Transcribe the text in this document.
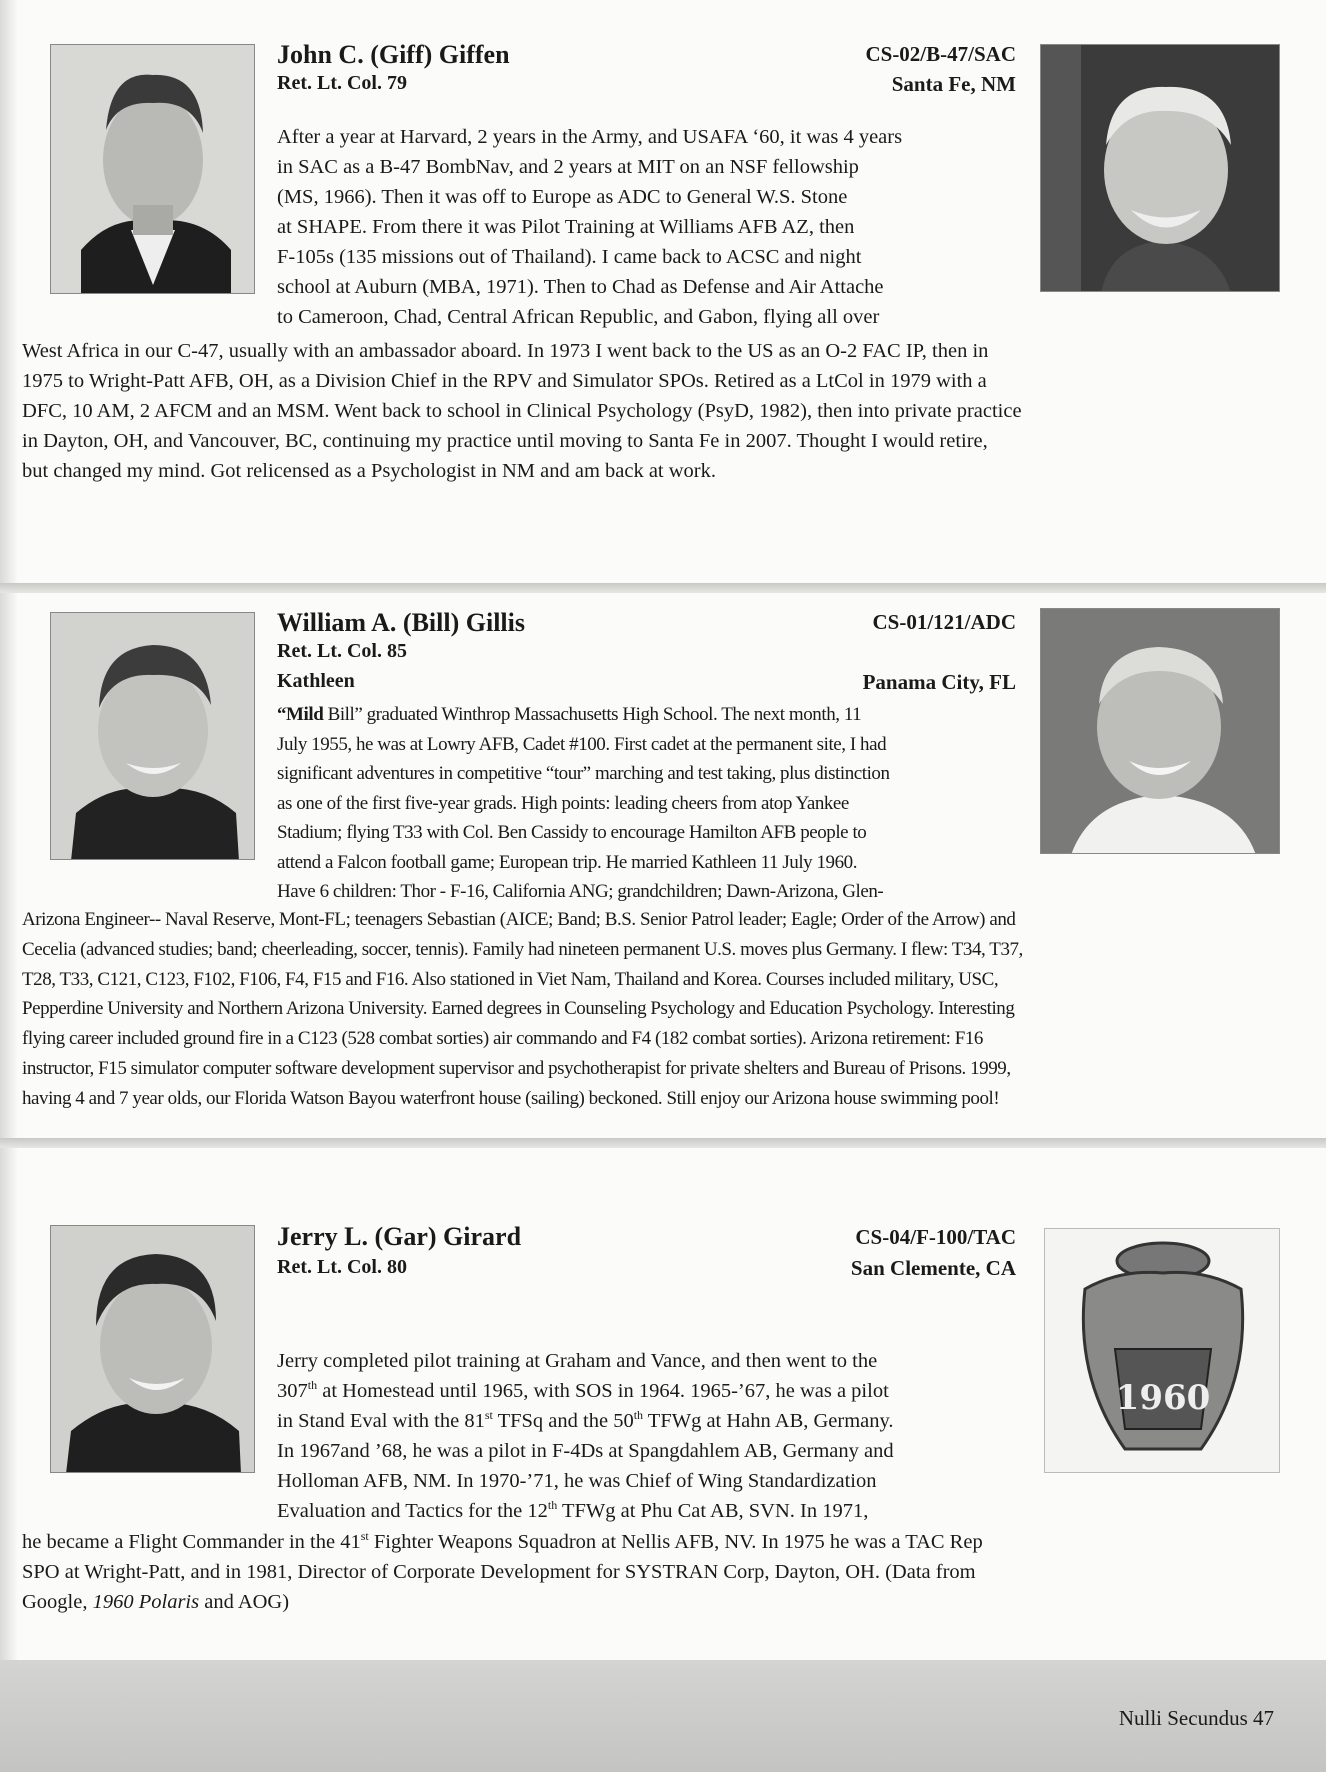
John C. (Giff) Giffen
Ret. Lt. Col. 79
CS-02/B-47/SAC
Santa Fe, NM
After a year at Harvard, 2 years in the Army, and USAFA ‘60, it was 4 years
in SAC as a B-47 BombNav, and 2 years at MIT on an NSF fellowship
(MS, 1966). Then it was off to Europe as ADC to General W.S. Stone
at SHAPE. From there it was Pilot Training at Williams AFB AZ, then
F-105s (135 missions out of Thailand). I came back to ACSC and night
school at Auburn (MBA, 1971). Then to Chad as Defense and Air Attache
to Cameroon, Chad, Central African Republic, and Gabon, flying all over
West Africa in our C-47, usually with an ambassador aboard. In 1973 I went back to the US as an O-2 FAC IP, then in
1975 to Wright-Patt AFB, OH, as a Division Chief in the RPV and Simulator SPOs. Retired as a LtCol in 1979 with a
DFC, 10 AM, 2 AFCM and an MSM. Went back to school in Clinical Psychology (PsyD, 1982), then into private practice
in Dayton, OH, and Vancouver, BC, continuing my practice until moving to Santa Fe in 2007. Thought I would retire,
but changed my mind. Got relicensed as a Psychologist in NM and am back at work.
William A. (Bill) Gillis
Ret. Lt. Col. 85
Kathleen
CS-01/121/ADC
Panama City, FL
“Mild Bill” graduated Winthrop Massachusetts High School. The next month, 11
July 1955, he was at Lowry AFB, Cadet #100. First cadet at the permanent site, I had
significant adventures in competitive “tour” marching and test taking, plus distinction
as one of the first five-year grads. High points: leading cheers from atop Yankee
Stadium; flying T33 with Col. Ben Cassidy to encourage Hamilton AFB people to
attend a Falcon football game; European trip. He married Kathleen 11 July 1960.
Have 6 children: Thor - F-16, California ANG; grandchildren; Dawn-Arizona, Glen-
Arizona Engineer-- Naval Reserve, Mont-FL; teenagers Sebastian (AICE; Band; B.S. Senior Patrol leader; Eagle; Order of the Arrow) and
Cecelia (advanced studies; band; cheerleading, soccer, tennis). Family had nineteen permanent U.S. moves plus Germany. I flew: T34, T37,
T28, T33, C121, C123, F102, F106, F4, F15 and F16. Also stationed in Viet Nam, Thailand and Korea. Courses included military, USC,
Pepperdine University and Northern Arizona University. Earned degrees in Counseling Psychology and Education Psychology. Interesting
flying career included ground fire in a C123 (528 combat sorties) air commando and F4 (182 combat sorties). Arizona retirement: F16
instructor, F15 simulator computer software development supervisor and psychotherapist for private shelters and Bureau of Prisons. 1999,
having 4 and 7 year olds, our Florida Watson Bayou waterfront house (sailing) beckoned. Still enjoy our Arizona house swimming pool!
Jerry L. (Gar) Girard
Ret. Lt. Col. 80
CS-04/F-100/TAC
San Clemente, CA
1960
Jerry completed pilot training at Graham and Vance, and then went to the
307th at Homestead until 1965, with SOS in 1964. 1965-’67, he was a pilot
in Stand Eval with the 81st TFSq and the 50th TFWg at Hahn AB, Germany.
In 1967and ’68, he was a pilot in F-4Ds at Spangdahlem AB, Germany and
Holloman AFB, NM. In 1970-’71, he was Chief of Wing Standardization
Evaluation and Tactics for the 12th TFWg at Phu Cat AB, SVN. In 1971,
he became a Flight Commander in the 41st Fighter Weapons Squadron at Nellis AFB, NV. In 1975 he was a TAC Rep
SPO at Wright-Patt, and in 1981, Director of Corporate Development for SYSTRAN Corp, Dayton, OH. (Data from
Google, 1960 Polaris and AOG)
Nulli Secundus 47
